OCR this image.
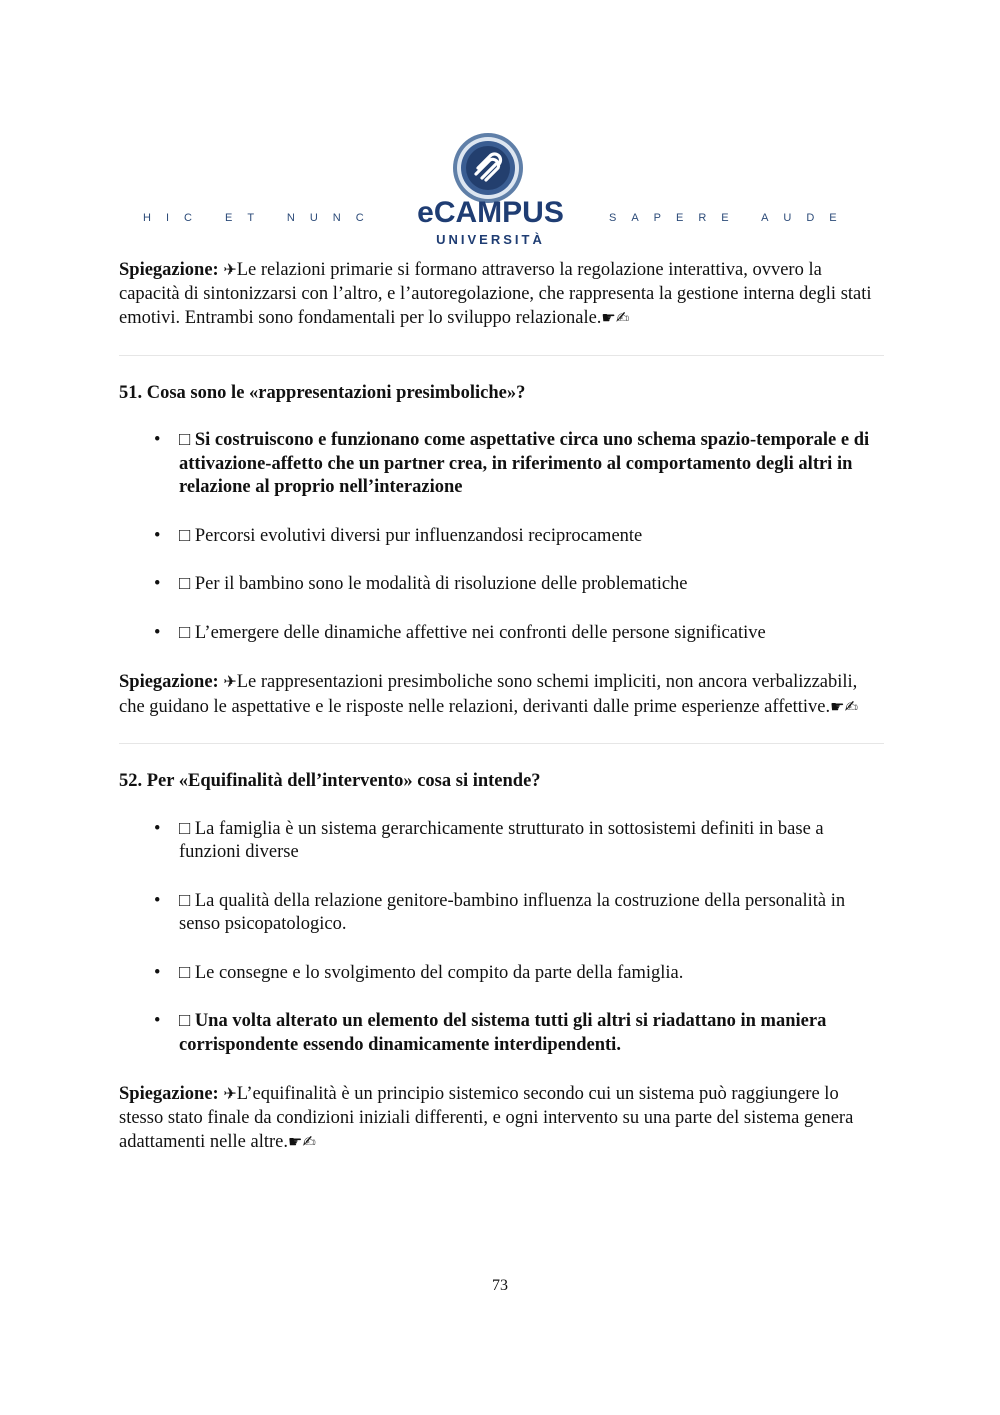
HIC ET NUNC	eCAMPUS
UNIVERSITÀ
SAPERE AUDE

Spiegazione: ✈Le relazioni primarie si formano attraverso la regolazione interattiva, ovvero la capacità di sintonizzarsi con l’altro, e l’autoregolazione, che rappresenta la gestione interna degli stati emotivi. Entrambi sono fondamentali per lo sviluppo relazionale.☛✍

51. Cosa sono le «rappresentazioni presimboliche»?

• □ Si costruiscono e funzionano come aspettative circa uno schema spazio-temporale e di attivazione-affetto che un partner crea, in riferimento al comportamento degli altri in relazione al proprio nell’interazione
• □ Percorsi evolutivi diversi pur influenzandosi reciprocamente
• □ Per il bambino sono le modalità di risoluzione delle problematiche
• □ L’emergere delle dinamiche affettive nei confronti delle persone significative

Spiegazione: ✈Le rappresentazioni presimboliche sono schemi impliciti, non ancora verbalizzabili, che guidano le aspettative e le risposte nelle relazioni, derivanti dalle prime esperienze affettive.☛✍

52. Per «Equifinalità dell’intervento» cosa si intende?

• □ La famiglia è un sistema gerarchicamente strutturato in sottosistemi definiti in base a funzioni diverse
• □ La qualità della relazione genitore-bambino influenza la costruzione della personalità in senso psicopatologico.
• □ Le consegne e lo svolgimento del compito da parte della famiglia.
• □ Una volta alterato un elemento del sistema tutti gli altri si riadattano in maniera corrispondente essendo dinamicamente interdipendenti.

Spiegazione: ✈L’equifinalità è un principio sistemico secondo cui un sistema può raggiungere lo stesso stato finale da condizioni iniziali differenti, e ogni intervento su una parte del sistema genera adattamenti nelle altre.☛✍

73
